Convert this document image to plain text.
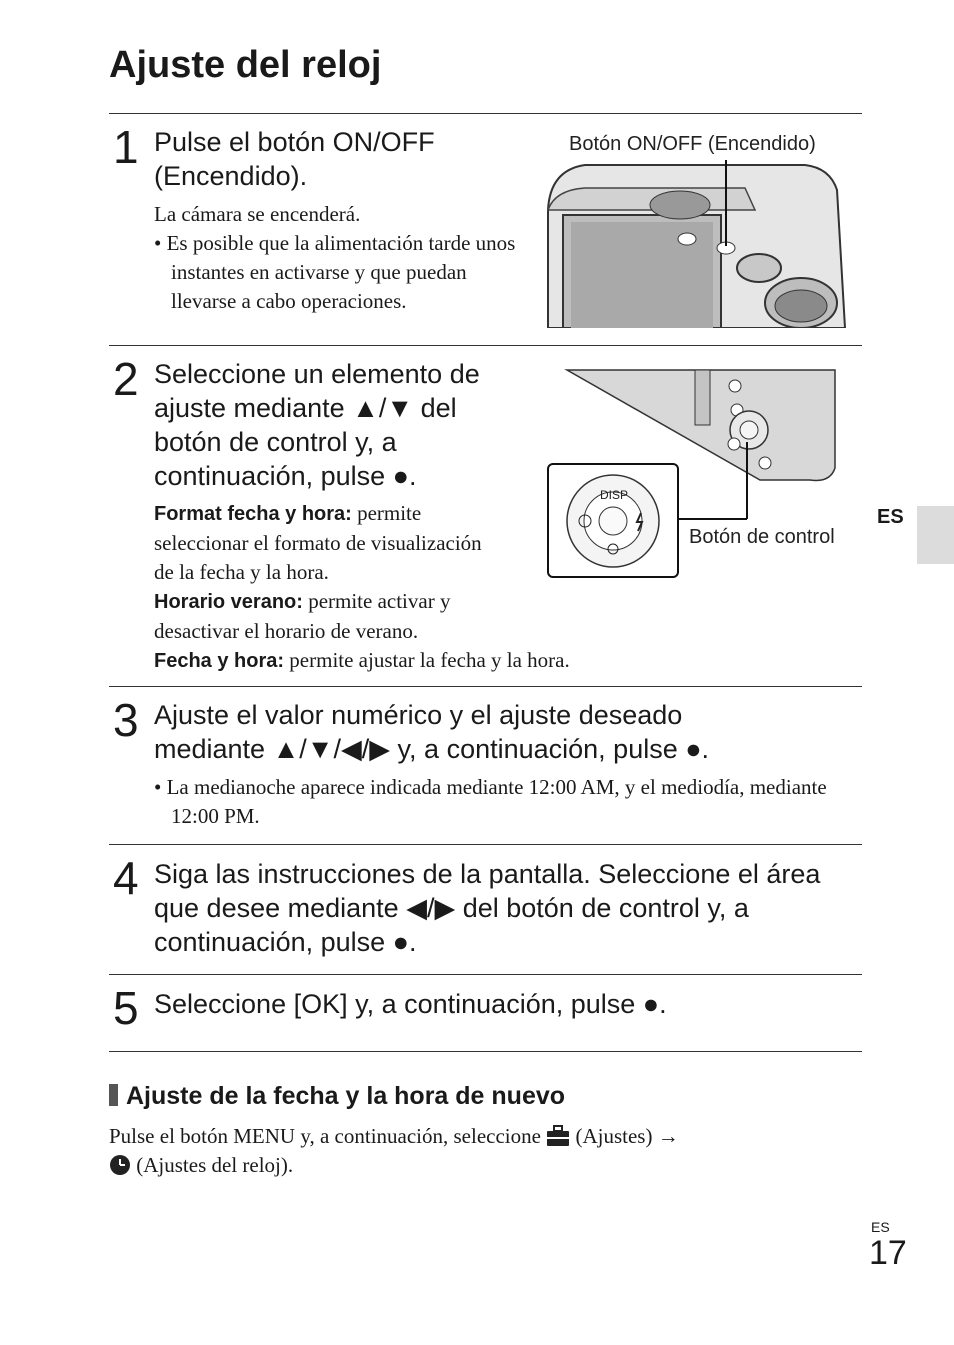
Ajuste del reloj
ES
1 Pulse el botón ON/OFF (Encendido).
La cámara se encenderá.
• Es posible que la alimentación tarde unos instantes en activarse y que puedan llevarse a cabo operaciones.
Botón ON/OFF (Encendido)
2 Seleccione un elemento de ajuste mediante ▲/▼ del botón de control y, a continuación, pulse ●.
Format fecha y hora: permite seleccionar el formato de visualización de la fecha y la hora.
Horario verano: permite activar y desactivar el horario de verano.
Fecha y hora: permite ajustar la fecha y la hora.
DISP
Botón de control
3 Ajuste el valor numérico y el ajuste deseado mediante ▲/▼/◀/▶ y, a continuación, pulse ●.
• La medianoche aparece indicada mediante 12:00 AM, y el mediodía, mediante 12:00 PM.
4 Siga las instrucciones de la pantalla. Seleccione el área que desee mediante ◀/▶ del botón de control y, a continuación, pulse ●.
5 Seleccione [OK] y, a continuación, pulse ●.
Ajuste de la fecha y la hora de nuevo
Pulse el botón MENU y, a continuación, seleccione (Ajustes) →
(Ajustes del reloj).
ES
17
